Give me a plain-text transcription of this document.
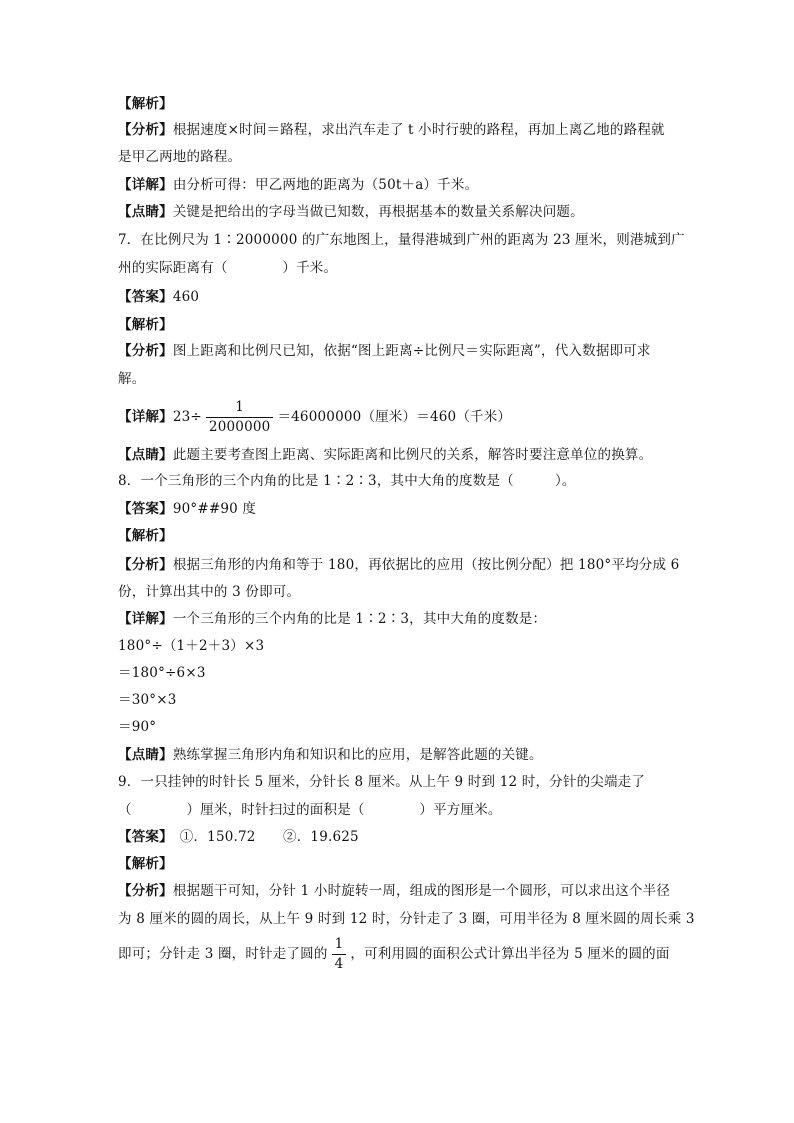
【解析】
【分析】根据速度×时间＝路程，求出汽车走了 t 小时行驶的路程，再加上离乙地的路程就
是甲乙两地的路程。
【详解】由分析可得：甲乙两地的距离为（50t＋a）千米。
【点睛】关键是把给出的字母当做已知数，再根据基本的数量关系解决问题。
7．在比例尺为 1∶2000000 的广东地图上，量得港城到广州的距离为 23 厘米，则港城到广
州的实际距离有（　　　　）千米。
【答案】460
【解析】
【分析】图上距离和比例尺已知，依据“图上距离÷比例尺＝实际距离”，代入数据即可求
解。
【详解】$23\div \frac{1}{2000000} =46000000$（厘米）＝460（千米）
【点睛】此题主要考查图上距离、实际距离和比例尺的关系，解答时要注意单位的换算。
8．一个三角形的三个内角的比是 1∶2∶3，其中大角的度数是（　　　）。
【答案】90°##90 度
【解析】
【分析】根据三角形的内角和等于 180，再依据比的应用（按比例分配）把 180°平均分成 6
份，计算出其中的 3 份即可。
【详解】一个三角形的三个内角的比是 1∶2∶3，其中大角的度数是：
180°÷（1＋2＋3）×3
＝180°÷6×3
＝30°×3
＝90°
【点睛】熟练掌握三角形内角和知识和比的应用，是解答此题的关键。
9．一只挂钟的时针长 5 厘米，分针长 8 厘米。从上午 9 时到 12 时，分针的尖端走了
（　　　　）厘米，时针扫过的面积是（　　　　）平方厘米。
【答案】　①．150.72　　②．19.625
【解析】
【分析】根据题干可知，分针 1 小时旋转一周，组成的图形是一个圆形，可以求出这个半径
为 8 厘米的圆的周长，从上午 9 时到 12 时，分针走了 3 圈，可用半径为 8 厘米圆的周长乘 3
即可；分针走 3 圈，时针走了圆的 $\frac{1}{4}$ ，可利用圆的面积公式计算出半径为 5 厘米的圆的面
